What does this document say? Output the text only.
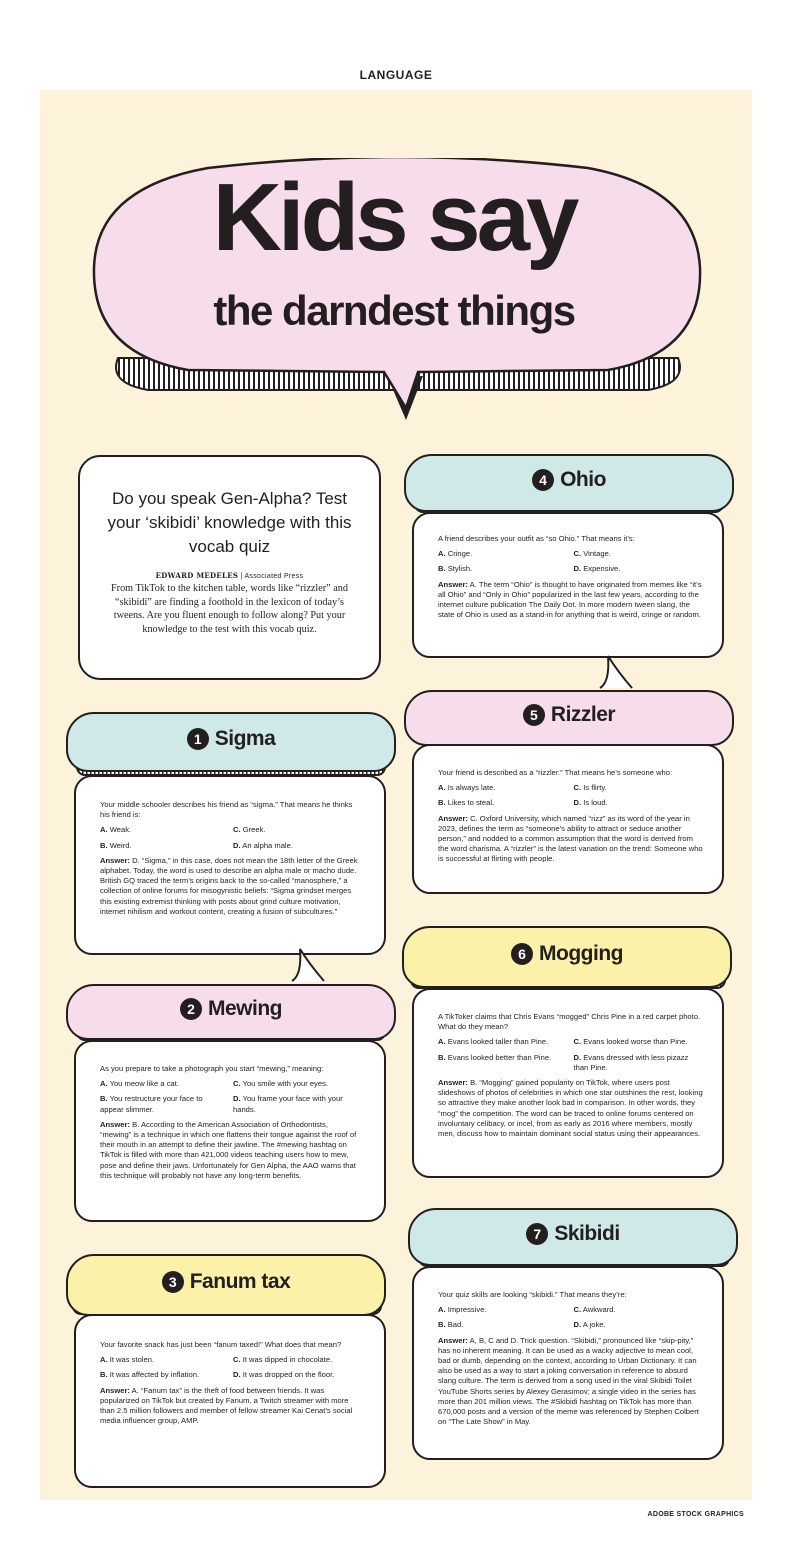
LANGUAGE
Kids say
the darndest things
Do you speak Gen-Alpha? Test your ‘skibidi’ knowledge with this vocab quiz
EDWARD MEDELES | Associated Press
From TikTok to the kitchen table, words like “rizzler” and “skibidi” are finding a foothold in the lexicon of today’s tweens. Are you fluent enough to follow along? Put your knowledge to the test with this vocab quiz.
1 Sigma
Your middle schooler describes his friend as “sigma.” That means he thinks his friend is:
A. Weak.	C. Greek.
B. Weird.	D. An alpha male.
Answer: D. “Sigma,” in this case, does not mean the 18th letter of the Greek alphabet. Today, the word is used to describe an alpha male or macho dude. British GQ traced the term’s origins back to the so-called “manosphere,” a collection of online forums for misogynistic beliefs: “Sigma grindset merges this existing extremist thinking with posts about grind culture motivation, internet nihilism and workout content, creating a fusion of subcultures.”
2 Mewing
As you prepare to take a photograph you start “mewing,” meaning:
A. You meow like a cat.	C. You smile with your eyes.
B. You restructure your face to appear slimmer.
D. You frame your face with your hands.
Answer: B. According to the American Association of Orthodontists, “mewing” is a technique in which one flattens their tongue against the roof of their mouth in an attempt to define their jawline. The #mewing hashtag on TikTok is filled with more than 421,000 videos teaching users how to mew, pose and define their jaws. Unfortunately for Gen Alpha, the AAO warns that this technique will probably not have any long-term benefits.
3 Fanum tax
Your favorite snack has just been “fanum taxed!” What does that mean?
A. It was stolen.	C. It was dipped in chocolate.
B. It was affected by inflation.	D. It was dropped on the floor.
Answer: A. “Fanum tax” is the theft of food between friends. It was popularized on TikTok but created by Fanum, a Twitch streamer with more than 2.5 million followers and member of fellow streamer Kai Cenat’s social media influencer group, AMP.
4 Ohio
A friend describes your outfit as “so Ohio.” That means it’s:
A. Cringe.	C. Vintage.
B. Stylish.	D. Expensive.
Answer: A. The term “Ohio” is thought to have originated from memes like “it’s all Ohio” and “Only in Ohio” popularized in the last few years, according to the internet culture publication The Daily Dot. In more modern tween slang, the state of Ohio is used as a stand-in for anything that is weird, cringe or random.
5 Rizzler
Your friend is described as a “rizzler.” That means he’s someone who:
A. Is always late.	C. Is flirty.
B. Likes to steal.	D. Is loud.
Answer: C. Oxford University, which named “rizz” as its word of the year in 2023, defines the term as “someone’s ability to attract or seduce another person,” and nodded to a common assumption that the word is derived from the word charisma. A “rizzler” is the latest variation on the trend: Someone who is successful at flirting with people.
6 Mogging
A TikToker claims that Chris Evans “mogged” Chris Pine in a red carpet photo. What do they mean?
A. Evans looked taller than Pine.	C. Evans looked worse than Pine.
B. Evans looked better than Pine.	D. Evans dressed with less pizazz than Pine.
Answer: B. “Mogging” gained popularity on TikTok, where users post slideshows of photos of celebrities in which one star outshines the rest, looking so attractive they make another look bad in comparison. In other words, they “mog” the competition. The word can be traced to online forums centered on involuntary celibacy, or incel, from as early as 2016 where members, mostly men, discuss how to maintain dominant social status using their appearances.
7 Skibidi
Your quiz skills are looking “skibidi.” That means they’re:
A. Impressive.	C. Awkward.
B. Bad.	D. A joke.
Answer: A, B, C and D. Trick question. “Skibidi,” pronounced like “skip-pity,” has no inherent meaning. It can be used as a wacky adjective to mean cool, bad or dumb, depending on the context, according to Urban Dictionary. It can also be used as a way to start a joking conversation in reference to absurd slang culture. The term is derived from a song used in the viral Skibidi Toilet YouTube Shorts series by Alexey Gerasimov; a single video in the series has more than 201 million views. The #Skibidi hashtag on TikTok has more than 670,000 posts and a version of the meme was referenced by Stephen Colbert on “The Late Show” in May.
ADOBE STOCK GRAPHICS
